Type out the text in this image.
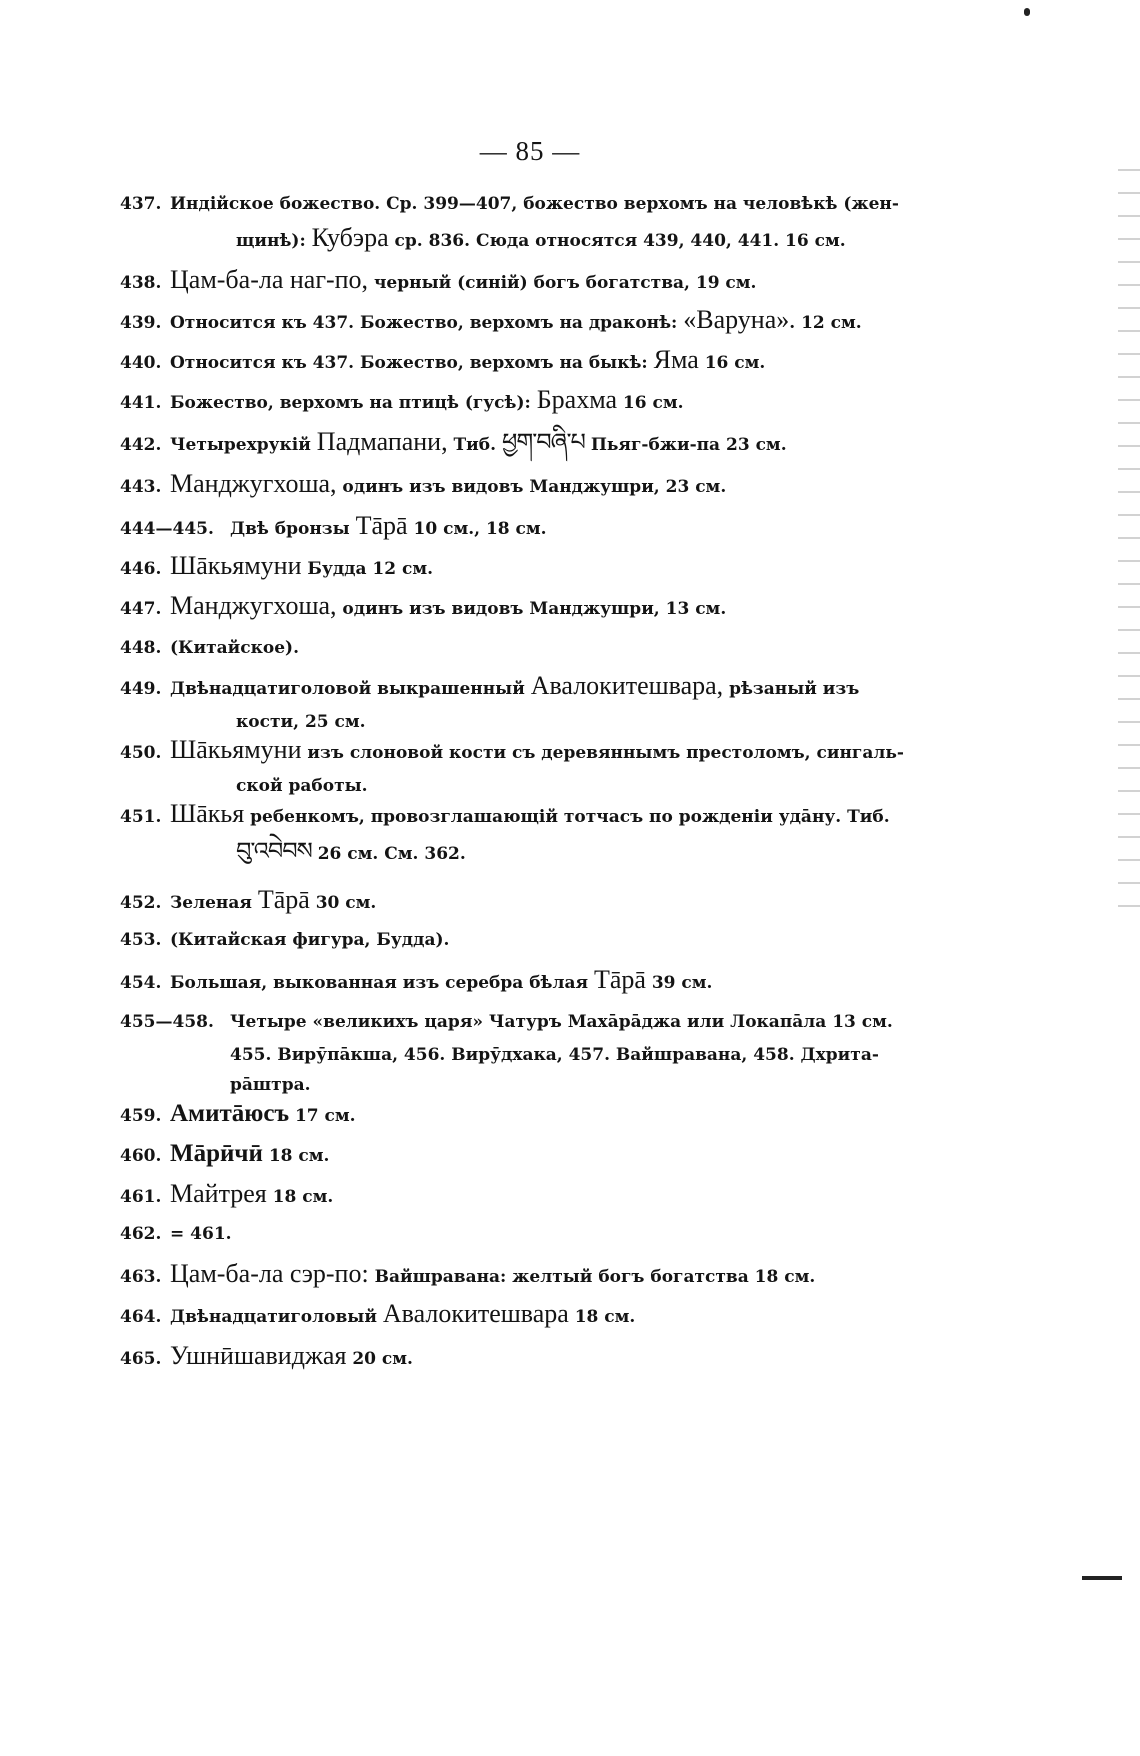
— 85 —
437. Индійское божество. Ср. 399—407, божество верхомъ на человѣкѣ (жен-
щинѣ): Кубэра ср. 836. Сюда относятся 439, 440, 441. 16 см.
438. Цам-ба-ла наг-по, черный (синій) богъ богатства, 19 см.
439. Относится къ 437. Божество, верхомъ на драконѣ: «Варуна». 12 см.
440. Относится къ 437. Божество, верхомъ на быкѣ: Яма 16 см.
441. Божество, верхомъ на птицѣ (гусѣ): Брахма 16 см.
442. Четырехрукій Падмапани, Тиб. ཕྱག་བཞི་པ Пьяг-бжи-па 23 см.
443. Манджугхоша, одинъ изъ видовъ Манджушри, 23 см.
444—445. Двѣ бронзы Тāрā 10 см., 18 см.
446. Шāкьямуни Будда 12 см.
447. Манджугхоша, одинъ изъ видовъ Манджушри, 13 см.
448. (Китайское).
449. Двѣнадцатиголовой выкрашенный Авалокитешвара, рѣзаный изъ
кости, 25 см.
450. Шāкьямуни изъ слоновой кости съ деревяннымъ престоломъ, сингаль-
ской работы.
451. Шāкья ребенкомъ, провозглашающій тотчасъ по рожденіи удāну. Тиб.
བུ་འབེབས 26 см. См. 362.
452. Зеленая Тāрā 30 см.
453. (Китайская фигура, Будда).
454. Большая, выкованная изъ серебра бѣлая Тāрā 39 см.
455—458. Четыре «великихъ царя» Чатуръ Махāрāджа или Локапāла 13 см.
455. Вирӯпāкша, 456. Вирӯдхака, 457. Вайшравана, 458. Дхрита-
рāштра.
459. Амитāюсъ 17 см.
460. Мāрӣчӣ 18 см.
461. Майтрея 18 см.
462. = 461.
463. Цам-ба-ла сэр-по: Вайшравана: желтый богъ богатства 18 см.
464. Двѣнадцатиголовый Авалокитешвара 18 см.
465. Ушнӣшавиджая 20 см.
